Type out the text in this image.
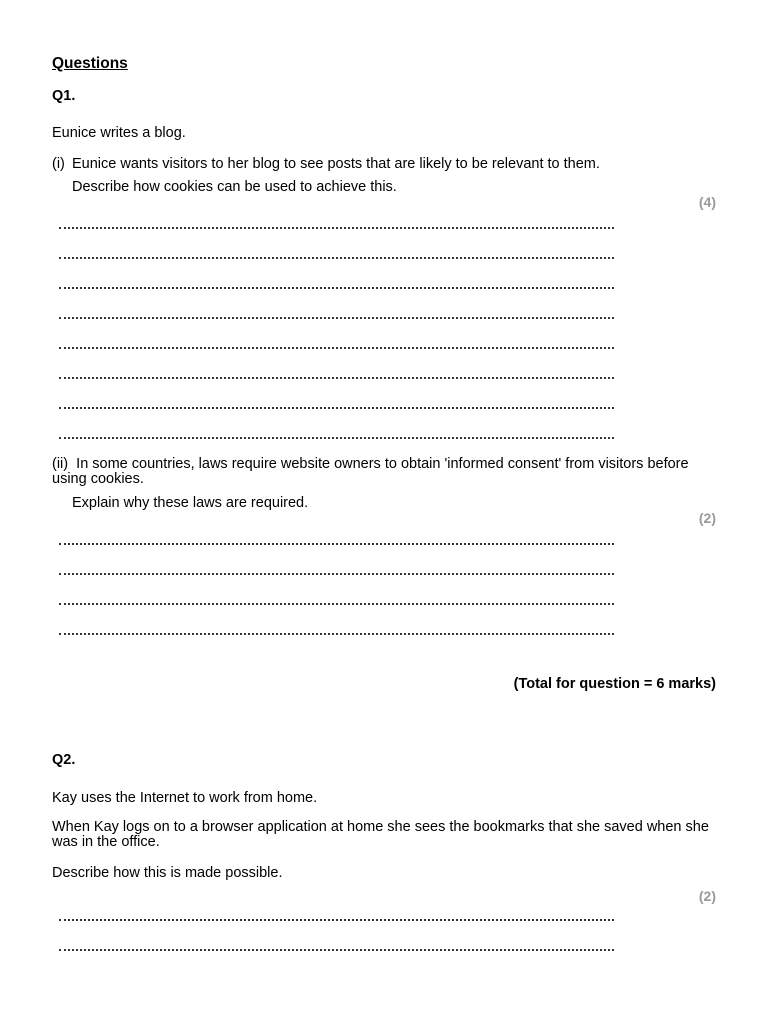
Questions
Q1.
Eunice writes a blog.
(i) Eunice wants visitors to her blog to see posts that are likely to be relevant to them.
Describe how cookies can be used to achieve this.
(4)
(ii) In some countries, laws require website owners to obtain 'informed consent' from visitors before using cookies.
Explain why these laws are required.
(2)
(Total for question = 6 marks)
Q2.
Kay uses the Internet to work from home.
When Kay logs on to a browser application at home she sees the bookmarks that she saved when she was in the office.
Describe how this is made possible.
(2)
